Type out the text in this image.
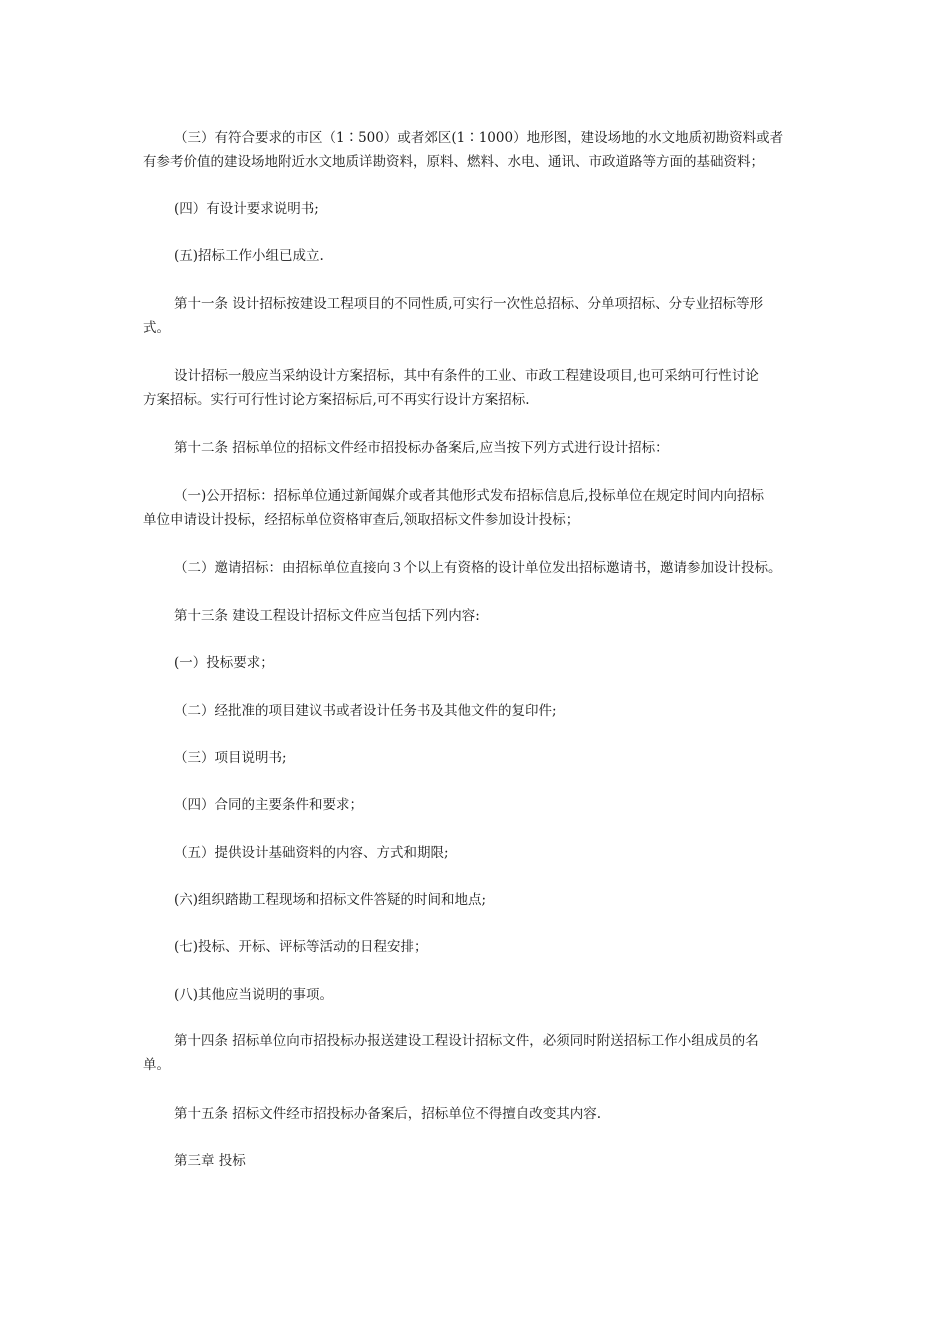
（三）有符合要求的市区（1∶500）或者郊区(1∶1000）地形图，建设场地的水文地质初勘资料或者
有参考价值的建设场地附近水文地质详勘资料，原料、燃料、水电、通讯、市政道路等方面的基础资料；

(四）有设计要求说明书;

(五)招标工作小组已成立.

第十一条 设计招标按建设工程项目的不同性质,可实行一次性总招标、分单项招标、分专业招标等形
式。

设计招标一般应当采纳设计方案招标，其中有条件的工业、市政工程建设项目,也可采纳可行性讨论
方案招标。实行可行性讨论方案招标后,可不再实行设计方案招标.

第十二条 招标单位的招标文件经市招投标办备案后,应当按下列方式进行设计招标：

（一)公开招标：招标单位通过新闻媒介或者其他形式发布招标信息后,投标单位在规定时间内向招标
单位申请设计投标，经招标单位资格审查后,领取招标文件参加设计投标；

（二）邀请招标：由招标单位直接向３个以上有资格的设计单位发出招标邀请书，邀请参加设计投标。

第十三条 建设工程设计招标文件应当包括下列内容:

(一）投标要求；

（二）经批准的项目建议书或者设计任务书及其他文件的复印件;

（三）项目说明书;

（四）合同的主要条件和要求；

（五）提供设计基础资料的内容、方式和期限;

(六)组织踏勘工程现场和招标文件答疑的时间和地点;

(七)投标、开标、评标等活动的日程安排；

(八)其他应当说明的事项。

第十四条 招标单位向市招投标办报送建设工程设计招标文件，必须同时附送招标工作小组成员的名
单。

第十五条 招标文件经市招投标办备案后，招标单位不得擅自改变其内容.

第三章 投标
